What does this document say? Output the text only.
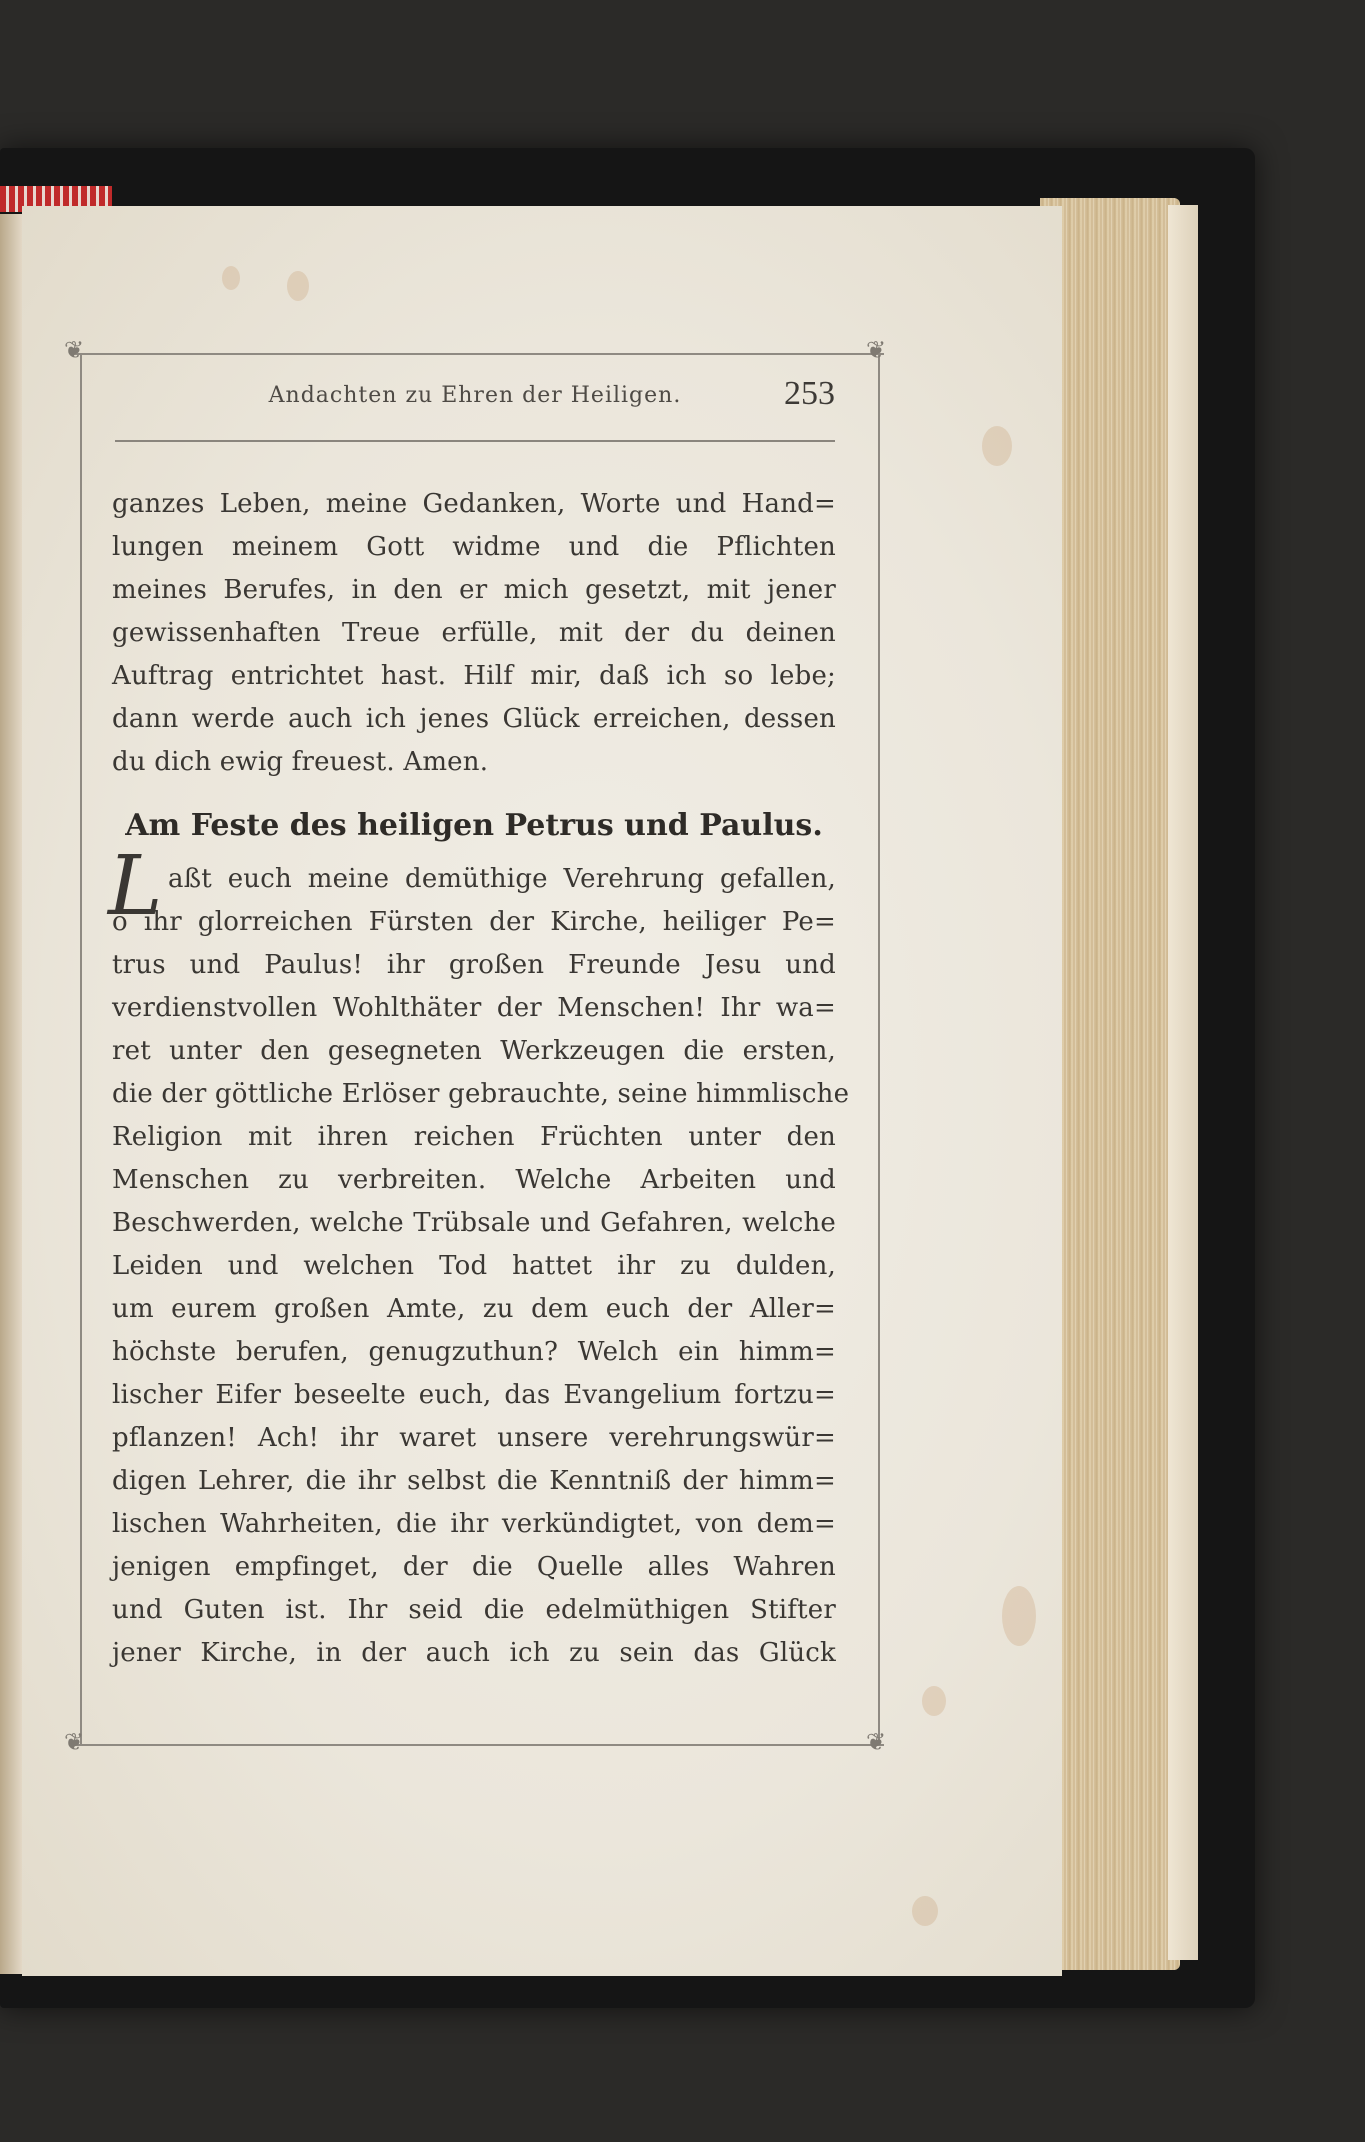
❦	❦
❦	❦
Andachten zu Ehren der Heiligen.	253
ganzes Leben, meine Gedanken, Worte und Hand=
lungen meinem Gott widme und die Pflichten
meines Berufes, in den er mich gesetzt, mit jener
gewissenhaften Treue erfülle, mit der du deinen
Auftrag entrichtet hast. Hilf mir, daß ich so lebe;
dann werde auch ich jenes Glück erreichen, dessen
du dich ewig freuest. Amen.
Am Feste des heiligen Petrus und Paulus.
L aßt euch meine demüthige Verehrung gefallen,
o ihr glorreichen Fürsten der Kirche, heiliger Pe=
trus und Paulus! ihr großen Freunde Jesu und
verdienstvollen Wohlthäter der Menschen! Ihr wa=
ret unter den gesegneten Werkzeugen die ersten,
die der göttliche Erlöser gebrauchte, seine himmlische
Religion mit ihren reichen Früchten unter den
Menschen zu verbreiten. Welche Arbeiten und
Beschwerden, welche Trübsale und Gefahren, welche
Leiden und welchen Tod hattet ihr zu dulden,
um eurem großen Amte, zu dem euch der Aller=
höchste berufen, genugzuthun? Welch ein himm=
lischer Eifer beseelte euch, das Evangelium fortzu=
pflanzen! Ach! ihr waret unsere verehrungswür=
digen Lehrer, die ihr selbst die Kenntniß der himm=
lischen Wahrheiten, die ihr verkündigtet, von dem=
jenigen empfinget, der die Quelle alles Wahren
und Guten ist. Ihr seid die edelmüthigen Stifter
jener Kirche, in der auch ich zu sein das Glück
